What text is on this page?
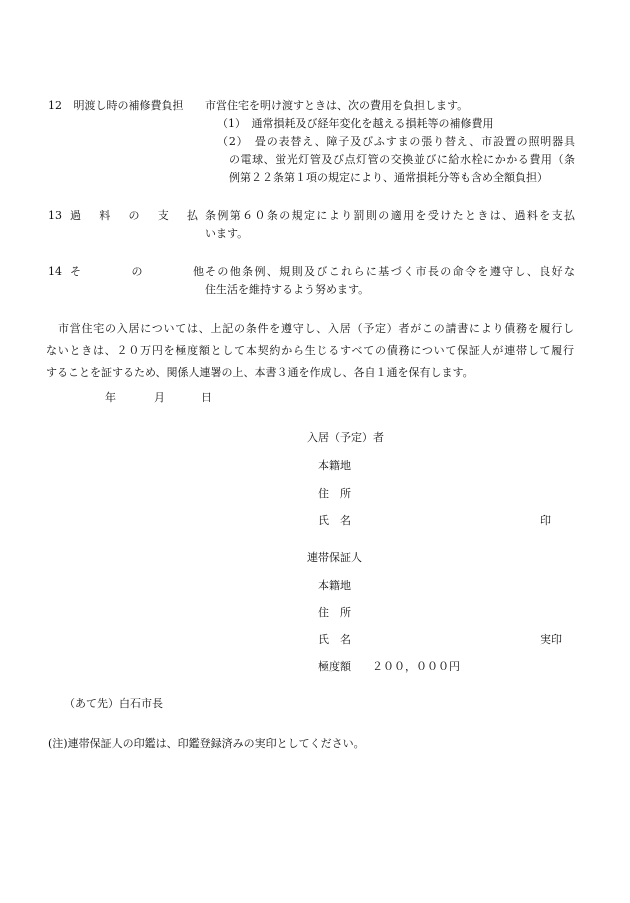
12 明渡し時の補修費負担 市営住宅を明け渡すときは、次の費用を負担します。
（1）　通常損耗及び経年変化を越える損耗等の補修費用
（2）　畳の表替え、障子及びふすまの張り替え、市設置の照明器具
の電球、蛍光灯管及び点灯管の交換並びに給水栓にかかる費用（条
例第２２条第１項の規定により、通常損耗分等も含め全額負担）
13 過 料 の 支 払 条例第６０条の規定により罰則の適用を受けたときは、過料を支払
います。
14 そ	の	他 その他条例、規則及びこれらに基づく市長の命令を遵守し、良好な
住生活を維持するよう努めます。
市営住宅の入居については、上記の条件を遵守し、入居（予定）者がこの請書により債務を履行し
ないときは、２０万円を極度額として本契約から生じるすべての債務について保証人が連帯して履行
することを証するため、関係人連署の上、本書３通を作成し、各自１通を保有します。
年	月	日
入居（予定）者
本籍地
住　所
氏　名	印
連帯保証人
本籍地
住　所
氏　名	実印
極度額 ２００，０００円
（あて先）白石市長
(注)連帯保証人の印鑑は、印鑑登録済みの実印としてください。
